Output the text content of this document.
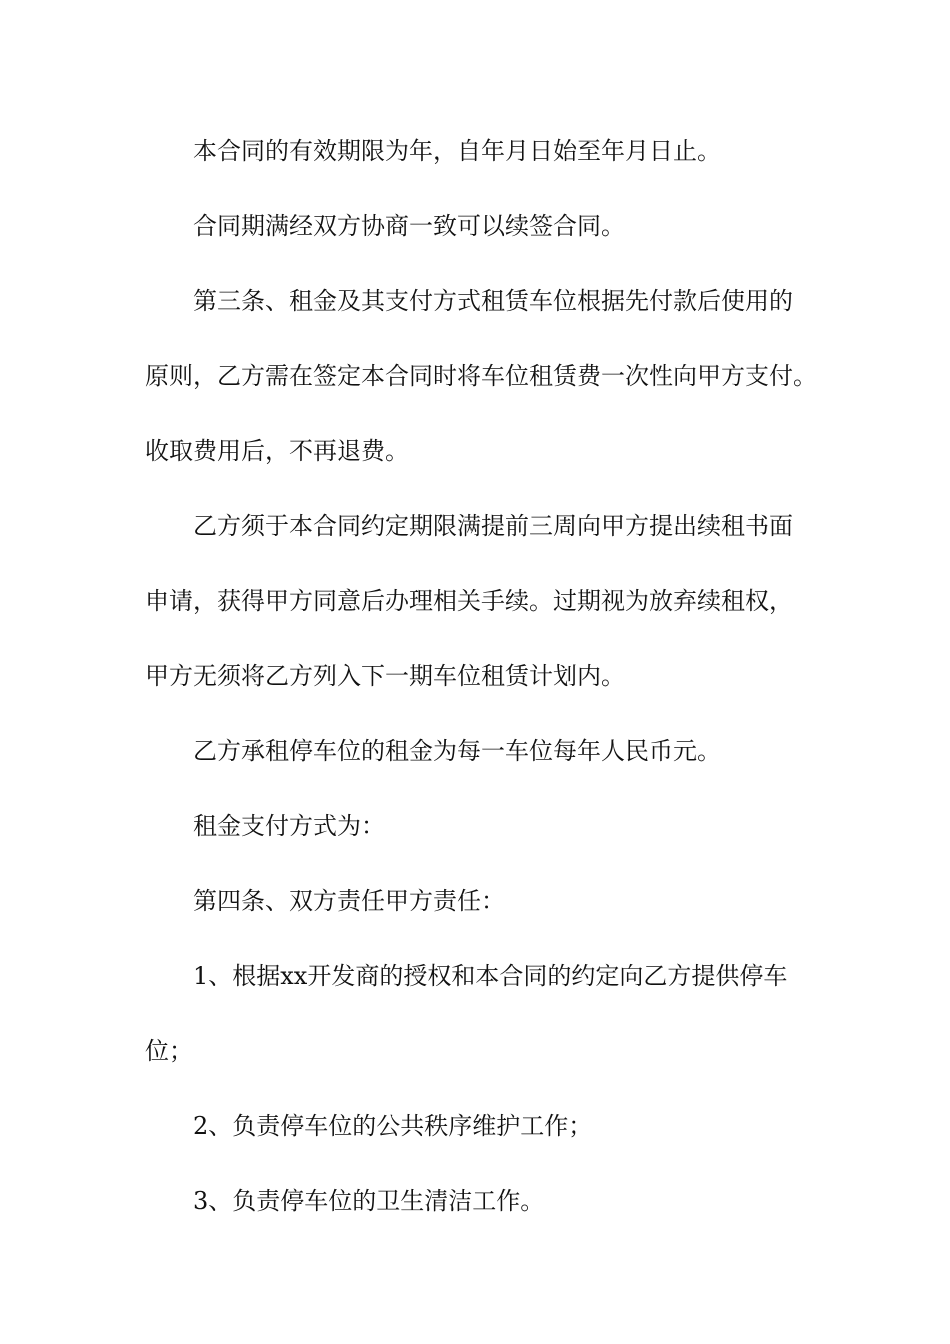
本合同的有效期限为年，自年月日始至年月日止。

合同期满经双方协商一致可以续签合同。

第三条、租金及其支付方式租赁车位根据先付款后使用的

原则，乙方需在签定本合同时将车位租赁费一次性向甲方支付。

收取费用后，不再退费。

乙方须于本合同约定期限满提前三周向甲方提出续租书面

申请，获得甲方同意后办理相关手续。过期视为放弃续租权，

甲方无须将乙方列入下一期车位租赁计划内。

乙方承租停车位的租金为每一车位每年人民币元。

租金支付方式为：

第四条、双方责任甲方责任：

1、根据xx开发商的授权和本合同的约定向乙方提供停车

位；

2、负责停车位的公共秩序维护工作；

3、负责停车位的卫生清洁工作。
